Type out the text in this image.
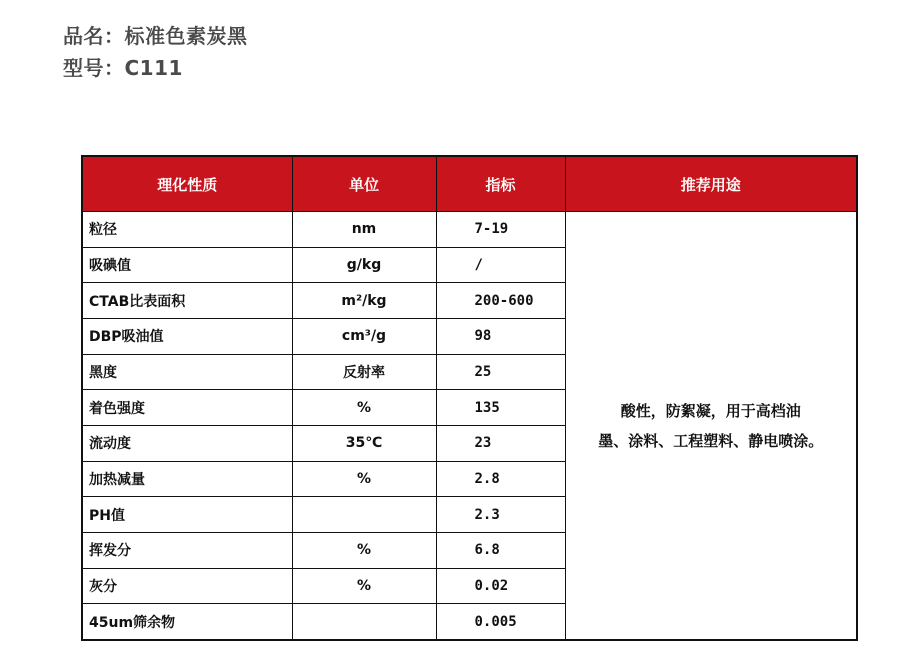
品名：标准色素炭黑
型号：C111
理化性质	单位	指标	推荐用途
粒径	nm	7-19	酸性，防絮凝，用于高档油
墨、涂料、工程塑料、静电喷涂。

吸碘值	g/kg	/	
CTAB比表面积	m²/kg	200-600	
DBP吸油值	cm³/g	98	
黑度	反射率	25	
着色强度	%	135	
流动度	35℃	23	
加热减量	%	2.8	
PH值		2.3	
挥发分	%	6.8	
灰分	%	0.02	
45um筛余物		0.005	
